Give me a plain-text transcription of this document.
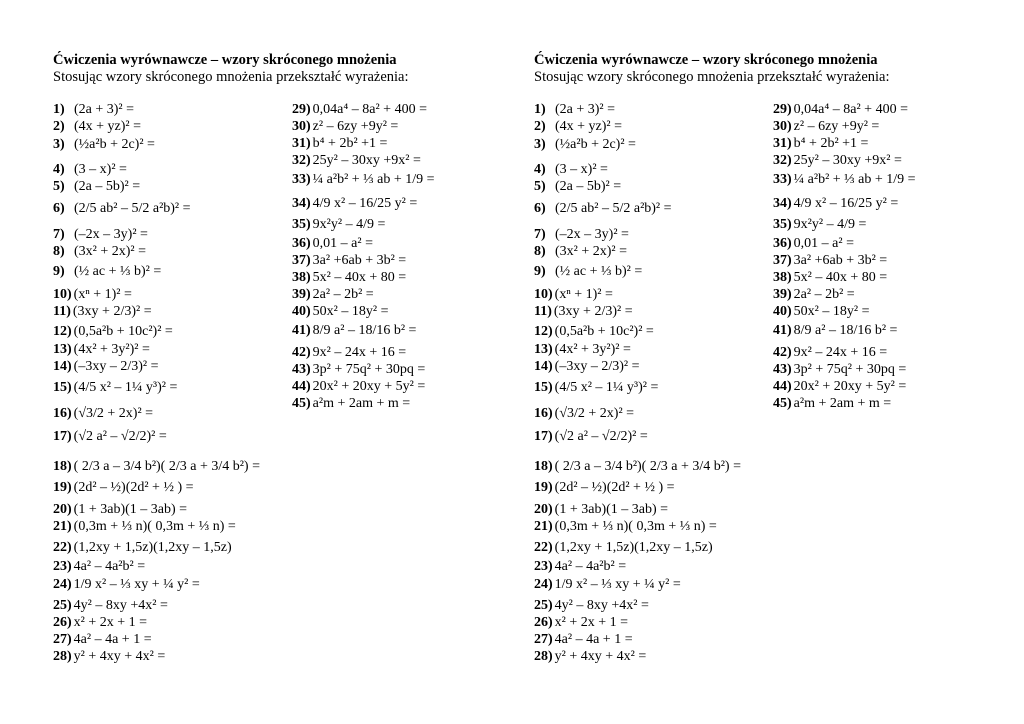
Ćwiczenia wyrównawcze – wzory skróconego mnożenia

Stosując wzory skróconego mnożenia przekształć wyrażenia:

1) (2a + 3)² =
2) (4x + yz)² =
3) (½a²b + 2c)² =
4) (3 – x)² =
5) (2a – 5b)² =
6) (2/5 ab² – 5/2 a²b)² =
7) (–2x – 3y)² =
8) (3x² + 2x)² =
9) (½ ac + ⅓ b)² =
10) (xⁿ + 1)² =
11) (3xy + 2/3)² =
12) (0,5a²b + 10c²)² =
13) (4x² + 3y²)² =
14) (–3xy – 2/3)² =
15) (4/5 x² – 1¼ y³)² =
16) (√3/2 + 2x)² =
17) (√2 a² – √2/2)² =
18) ( 2/3 a – 3/4 b²)( 2/3 a + 3/4 b²) =
19) (2d² – ½)(2d² + ½ ) =
20) (1 + 3ab)(1 – 3ab) =
21) (0,3m + ⅓ n)( 0,3m + ⅓ n) =
22) (1,2xy + 1,5z)(1,2xy – 1,5z)
23) 4a² – 4a²b² =
24) 1/9 x² – ⅓ xy + ¼ y² =
25) 4y² – 8xy +4x² =
26) x² + 2x + 1 =
27) 4a² – 4a + 1 =
28) y² + 4xy + 4x² =
29) 0,04a⁴ – 8a² + 400 =
30) z² – 6zy +9y² =
31) b⁴ + 2b² +1 =
32) 25y² – 30xy +9x² =
33) ¼ a²b² + ⅓ ab + 1/9 =
34) 4/9 x² – 16/25 y² =
35) 9x²y² – 4/9 =
36) 0,01 – a² =
37) 3a² +6ab + 3b² =
38) 5x² – 40x + 80 =
39) 2a² – 2b² =
40) 50x² – 18y² =
41) 8/9 a² – 18/16 b² =
42) 9x² – 24x + 16 =
43) 3p² + 75q² + 30pq =
44) 20x² + 20xy + 5y² =
45) a²m + 2am + m =

Ćwiczenia wyrównawcze – wzory skróconego mnożenia

Stosując wzory skróconego mnożenia przekształć wyrażenia:

1) (2a + 3)² =
2) (4x + yz)² =
3) (½a²b + 2c)² =
4) (3 – x)² =
5) (2a – 5b)² =
6) (2/5 ab² – 5/2 a²b)² =
7) (–2x – 3y)² =
8) (3x² + 2x)² =
9) (½ ac + ⅓ b)² =
10) (xⁿ + 1)² =
11) (3xy + 2/3)² =
12) (0,5a²b + 10c²)² =
13) (4x² + 3y²)² =
14) (–3xy – 2/3)² =
15) (4/5 x² – 1¼ y³)² =
16) (√3/2 + 2x)² =
17) (√2 a² – √2/2)² =
18) ( 2/3 a – 3/4 b²)( 2/3 a + 3/4 b²) =
19) (2d² – ½)(2d² + ½ ) =
20) (1 + 3ab)(1 – 3ab) =
21) (0,3m + ⅓ n)( 0,3m + ⅓ n) =
22) (1,2xy + 1,5z)(1,2xy – 1,5z)
23) 4a² – 4a²b² =
24) 1/9 x² – ⅓ xy + ¼ y² =
25) 4y² – 8xy +4x² =
26) x² + 2x + 1 =
27) 4a² – 4a + 1 =
28) y² + 4xy + 4x² =
29) 0,04a⁴ – 8a² + 400 =
30) z² – 6zy +9y² =
31) b⁴ + 2b² +1 =
32) 25y² – 30xy +9x² =
33) ¼ a²b² + ⅓ ab + 1/9 =
34) 4/9 x² – 16/25 y² =
35) 9x²y² – 4/9 =
36) 0,01 – a² =
37) 3a² +6ab + 3b² =
38) 5x² – 40x + 80 =
39) 2a² – 2b² =
40) 50x² – 18y² =
41) 8/9 a² – 18/16 b² =
42) 9x² – 24x + 16 =
43) 3p² + 75q² + 30pq =
44) 20x² + 20xy + 5y² =
45) a²m + 2am + m =
